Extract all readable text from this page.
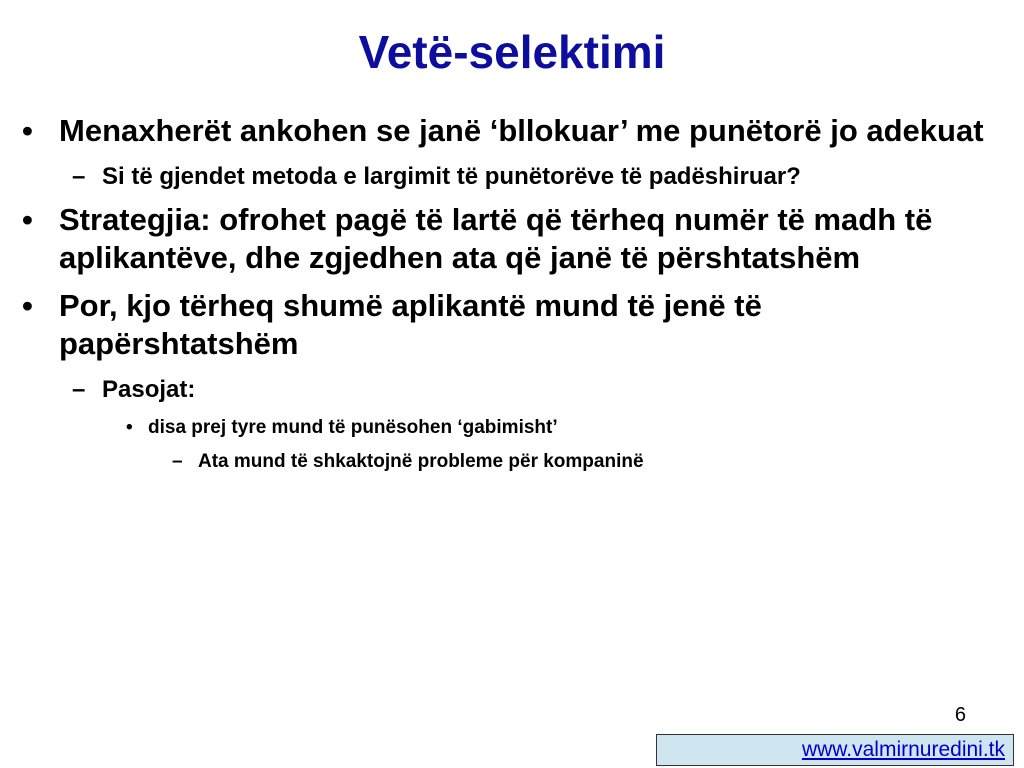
Vetë-selektimi
• Menaxherët ankohen se janë ‘bllokuar’ me punëtorë jo adekuat
– Si të gjendet metoda e largimit të punëtorëve të padëshiruar?
• Strategjia: ofrohet pagë të lartë që tërheq numër të madh të aplikantëve, dhe zgjedhen ata që janë të përshtatshëm
• Por, kjo tërheq shumë aplikantë mund të jenë të papërshtatshëm
– Pasojat:
• disa prej tyre mund të punësohen ‘gabimisht’
– Ata mund të shkaktojnë probleme për kompaninë
6
www.valmirnuredini.tk
